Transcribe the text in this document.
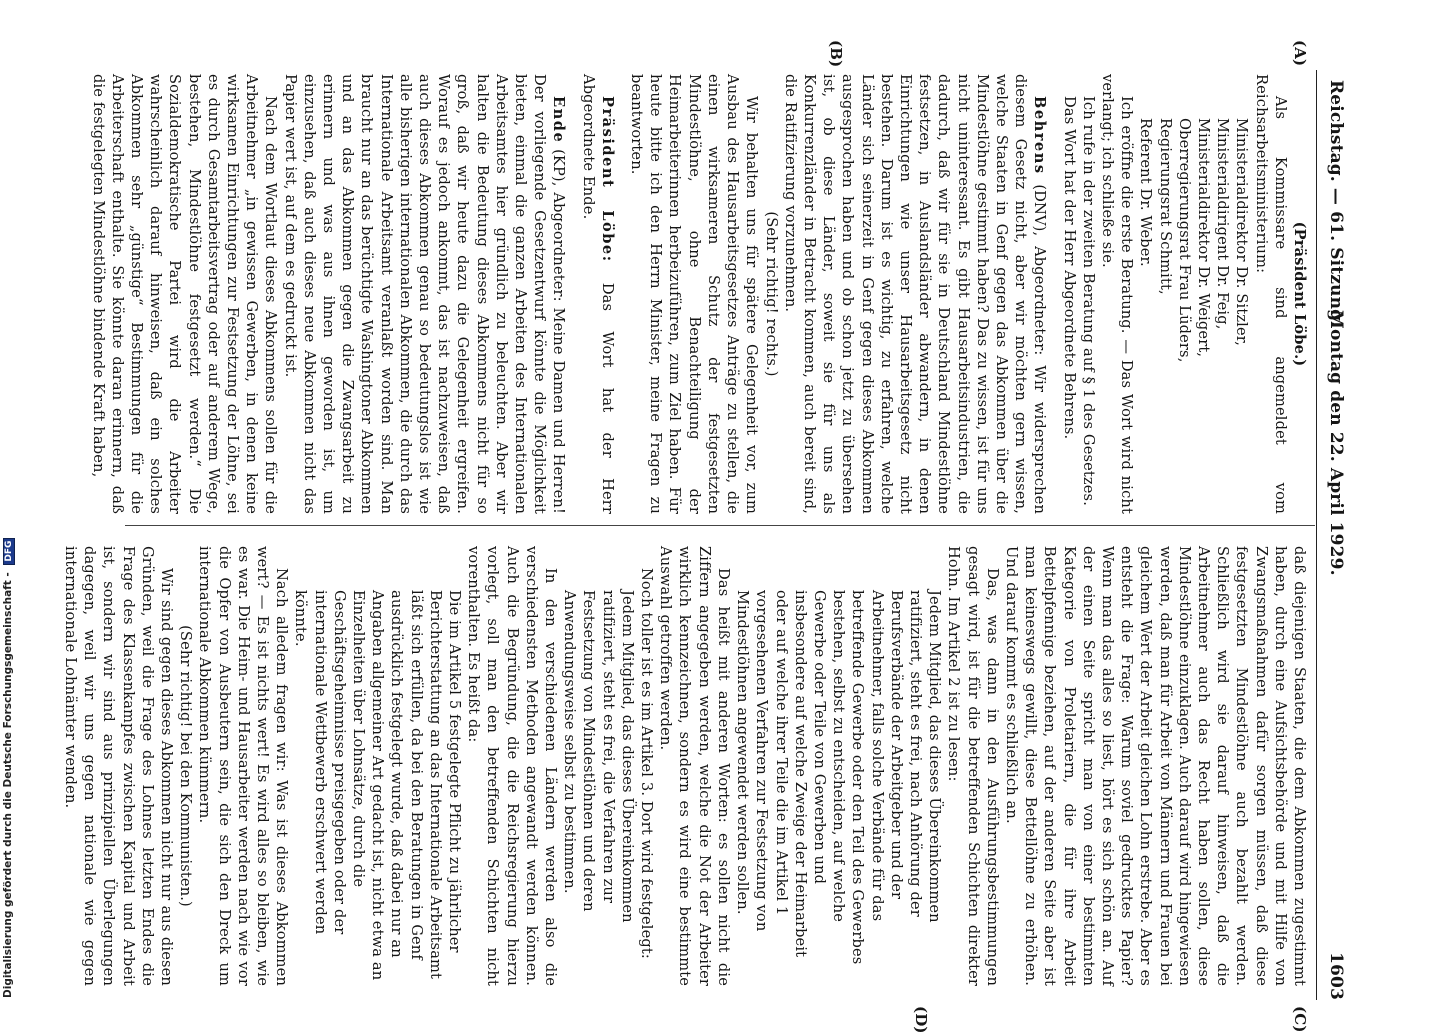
Reichstag. — 61. Sitzung.
Montag den 22. April 1929.
1603
(A)
(B)
(C)
(D)

(Präsident Löbe.)

Als Kommissare sind angemeldet vom Reichsarbeitsministerium:

Ministerialdirektor Dr. Sitzler,

Ministerialdirigent Dr. Feig,

Ministerialdirektor Dr. Weigert,

Oberregierungsrat Frau Lüders,

Regierungsrat Schmitt,

Referent Dr. Weber.

Ich eröffne die erste Beratung. — Das Wort wird nicht verlangt; ich schließe sie.

Ich rufe in der zweiten Beratung auf § 1 des Gesetzes.

Das Wort hat der Herr Abgeordnete Behrens.

Behrens (DNV), Abgeordneter: Wir widersprechen diesem Gesetz nicht, aber wir möchten gern wissen, welche Staaten in Genf gegen das Abkommen über die Mindestlöhne gestimmt haben? Das zu wissen, ist für uns nicht uninteressant. Es gibt Hausarbeitsindustrien, die dadurch, daß wir für sie in Deutschland Mindestlöhne festsetzen, in Auslandsländer abwandern, in denen Einrichtungen wie unser Hausarbeitsgesetz nicht bestehen. Darum ist es wichtig, zu erfahren, welche Länder sich seinerzeit in Genf gegen dieses Abkommen ausgesprochen haben und ob schon jetzt zu übersehen ist, ob diese Länder, soweit sie für uns als Konkurrenzländer in Betracht kommen, auch bereit sind, die Ratifizierung vorzunehmen.

(Sehr richtig! rechts.)

Wir behalten uns für spätere Gelegenheit vor, zum Ausbau des Hausarbeitsgesetzes Anträge zu stellen, die einen wirksameren Schutz der festgesetzten Mindestlöhne, ohne Benachteiligung der Heimarbeiterinnen herbeizuführen, zum Ziel haben. Für heute bitte ich den Herrn Minister, meine Fragen zu beantworten.

Präsident Löbe: Das Wort hat der Herr Abgeordnete Ende.

Ende (KP), Abgeordneter: Meine Damen und Herren! Der vorliegende Gesetzentwurf könnte die Möglichkeit bieten, einmal die ganzen Arbeiten des Internationalen Arbeitsamtes hier gründlich zu beleuchten. Aber wir halten die Bedeutung dieses Abkommens nicht für so groß, daß wir heute dazu die Gelegenheit ergreifen. Worauf es jedoch ankommt, das ist nachzuweisen, daß auch dieses Abkommen genau so bedeutungslos ist wie alle bisherigen internationalen Abkommen, die durch das Internationale Arbeitsamt veranlaßt worden sind. Man braucht nur an das berüchtigte Washingtoner Abkommen und an das Abkommen gegen die Zwangsarbeit zu erinnern und was aus ihnen geworden ist, um einzusehen, daß auch dieses neue Abkommen nicht das Papier wert ist, auf dem es gedruckt ist.

Nach dem Wortlaut dieses Abkommens sollen für die Arbeitnehmer „in gewissen Gewerben, in denen keine wirksamen Einrichtungen zur Festsetzung der Löhne, sei es durch Gesamtarbeitsvertrag oder auf anderem Wege, bestehen, Mindestlöhne festgesetzt werden.“ Die Sozialdemokratische Partei wird die Arbeiter wahrscheinlich darauf hinweisen, daß ein solches Abkommen sehr „günstige“ Bestimmungen für die Arbeiterschaft enthalte. Sie könnte daran erinnern, daß die festgelegten Mindestlöhne bindende Kraft haben,

daß diejenigen Staaten, die dem Abkommen zugestimmt haben, durch eine Aufsichtsbehörde und mit Hilfe von Zwangsmaßnahmen dafür sorgen müssen, daß diese festgesetzten Mindestlöhne auch bezahlt werden. Schließlich wird sie darauf hinweisen, daß die Arbeitnehmer auch das Recht haben sollen, diese Mindestlöhne einzuklagen. Auch darauf wird hingewiesen werden, daß man für Arbeit von Männern und Frauen bei gleichem Wert der Arbeit gleichen Lohn erstrebe. Aber es entsteht die Frage: Warum soviel gedrucktes Papier? Wenn man das alles so liest, hört es sich schön an. Auf der einen Seite spricht man von einer bestimmten Kategorie von Proletariern, die für ihre Arbeit Bettelpfennige beziehen, auf der anderen Seite aber ist man keineswegs gewillt, diese Bettellöhne zu erhöhen. Und darauf kommt es schließlich an.

Das, was dann in den Ausführungsbestimmungen gesagt wird, ist für die betreffenden Schichten direkter Hohn. Im Artikel 2 ist zu lesen:

Jedem Mitglied, das dieses Übereinkommen ratifiziert, steht es frei, nach Anhörung der Berufsverbände der Arbeitgeber und der Arbeitnehmer, falls solche Verbände für das betreffende Gewerbe oder den Teil des Gewerbes bestehen, selbst zu entscheiden, auf welche Gewerbe oder Teile von Gewerben und insbesondere auf welche Zweige der Heimarbeit oder auf welche ihrer Teile die im Artikel 1 vorgesehenen Verfahren zur Festsetzung von Mindestlöhnen angewendet werden sollen.

Das heißt mit anderen Worten: es sollen nicht die Ziffern angegeben werden, welche die Not der Arbeiter wirklich kennzeichnen, sondern es wird eine bestimmte Auswahl getroffen werden.

Noch toller ist es im Artikel 3. Dort wird festgelegt:

Jedem Mitglied, das dieses Übereinkommen ratifiziert, steht es frei, die Verfahren zur Festsetzung von Mindestlöhnen und deren Anwendungsweise selbst zu bestimmen.

In den verschiedenen Ländern werden also die verschiedensten Methoden angewandt werden können. Auch die Begründung, die die Reichsregierung hierzu vorlegt, soll man den betreffenden Schichten nicht vorenthalten. Es heißt da:

Die im Artikel 5 festgelegte Pflicht zu jährlicher Berichterstattung an das Internationale Arbeitsamt läßt sich erfüllen, da bei den Beratungen in Genf ausdrücklich festgelegt wurde, daß dabei nur an Angaben allgemeiner Art gedacht ist, nicht etwa an Einzelheiten über Lohnsätze, durch die Geschäftsgeheimnisse preisgegeben oder der internationale Wettbewerb erschwert werden könnte.

Nach alledem fragen wir: Was ist dieses Abkommen wert? — Es ist nichts wert! Es wird alles so bleiben, wie es war. Die Heim- und Hausarbeiter werden nach wie vor die Opfer von Ausbeutern sein, die sich den Dreck um internationale Abkommen kümmern.

(Sehr richtig! bei den Kommunisten.)

Wir sind gegen dieses Abkommen nicht nur aus diesen Gründen, weil die Frage des Lohnes letzten Endes die Frage des Klassenkampfes zwischen Kapital und Arbeit ist, sondern wir sind aus prinzipiellen Überlegungen dagegen, weil wir uns gegen nationale wie gegen internationale Lohnämter wenden.

Digitalisierung gefördert durch die Deutsche Forschungsgemeinschaft - DFG
